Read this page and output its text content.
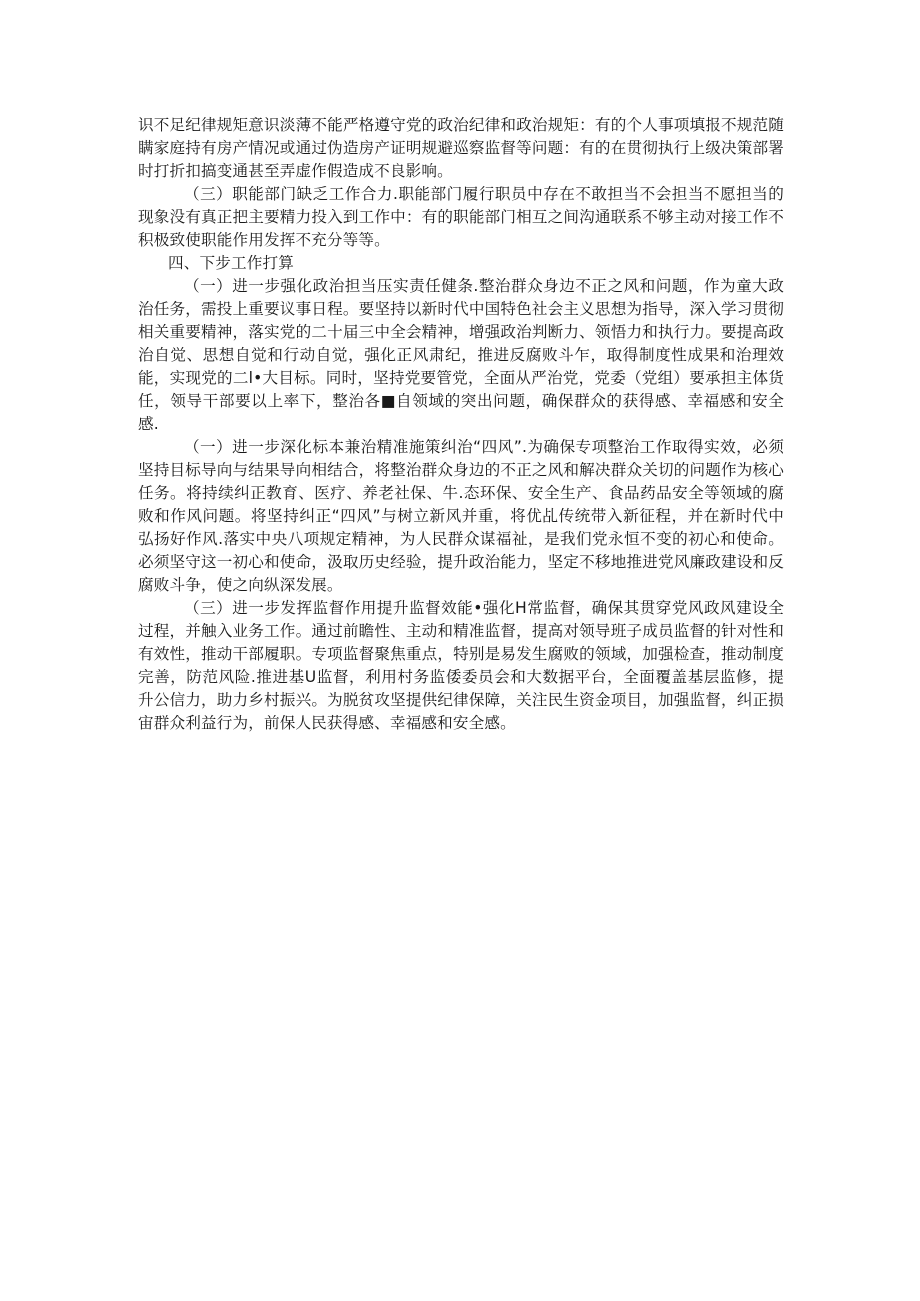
识不足纪律规矩意识淡薄不能严格遵守党的政治纪律和政治规矩：有的个人事项填报不规范随瞒家庭持有房产情况或通过伪造房产证明规避巡察监督等问题：有的在贯彻执行上级决策部署时打折扣搞变通甚至弄虚作假造成不良影响。

（三）职能部门缺乏工作合力.职能部门履行职员中存在不敢担当不会担当不愿担当的现象没有真正把主要精力投入到工作中：有的职能部门相互之间沟通联系不够主动对接工作不积极致使职能作用发挥不充分等等。

四、下步工作打算

（一）进一步强化政治担当压实责任健条.整治群众身边不正之风和问题，作为童大政治任务，需投上重要议事日程。要坚持以新时代中国特色社会主义思想为指导，深入学习贯彻相关重要精神，落实党的二十届三中全会精神，增强政治判断力、领悟力和执行力。要提高政治自觉、思想自觉和行动自觉，强化正风肃纪，推进反腐败斗乍，取得制度性成果和治理效能，实现党的二l•大目标。同时，坚持党要管党，全面从严治党，党委（党组）要承担主体货任，领导干部要以上率下，整治各■自领域的突出问题，确保群众的获得感、幸福感和安全感.

（一）进一步深化标本兼治精准施策纠治“四风”.为确保专项整治工作取得实效，必须坚持目标导向与结果导向相结合，将整治群众身边的不正之风和解决群众关切的问题作为核心任务。将持续纠正教育、医疗、养老社保、牛.态环保、安全生产、食品药品安全等领域的腐败和作风问题。将坚持纠正“四风”与树立新风并重，将优乩传统带入新征程，并在新时代中弘扬好作风.落实中央八项规定精神，为人民群众谋福祉，是我们党永恒不变的初心和使命。必须坚守这一初心和使命，汲取历史经验，提升政治能力，坚定不移地推进党风廉政建设和反腐败斗争，使之向纵深发展。

（三）进一步发挥监督作用提升监督效能•强化H常监督，确保其贯穿党风政风建设全过程，并触入业务工作。通过前瞻性、主动和精准监督，提高对领导班子成员监督的针对性和有效性，推动干部履职。专项监督聚焦重点，特别是易发生腐败的领域，加强检查，推动制度完善，防范风险.推进基U监督，利用村务监倭委员会和大数据平台，全面覆盖基层监修，提升公信力，助力乡村振兴。为脱贫攻坚提供纪律保障，关注民生资金项目，加强监督，纠正损宙群众利益行为，前保人民获得感、幸福感和安全感。
